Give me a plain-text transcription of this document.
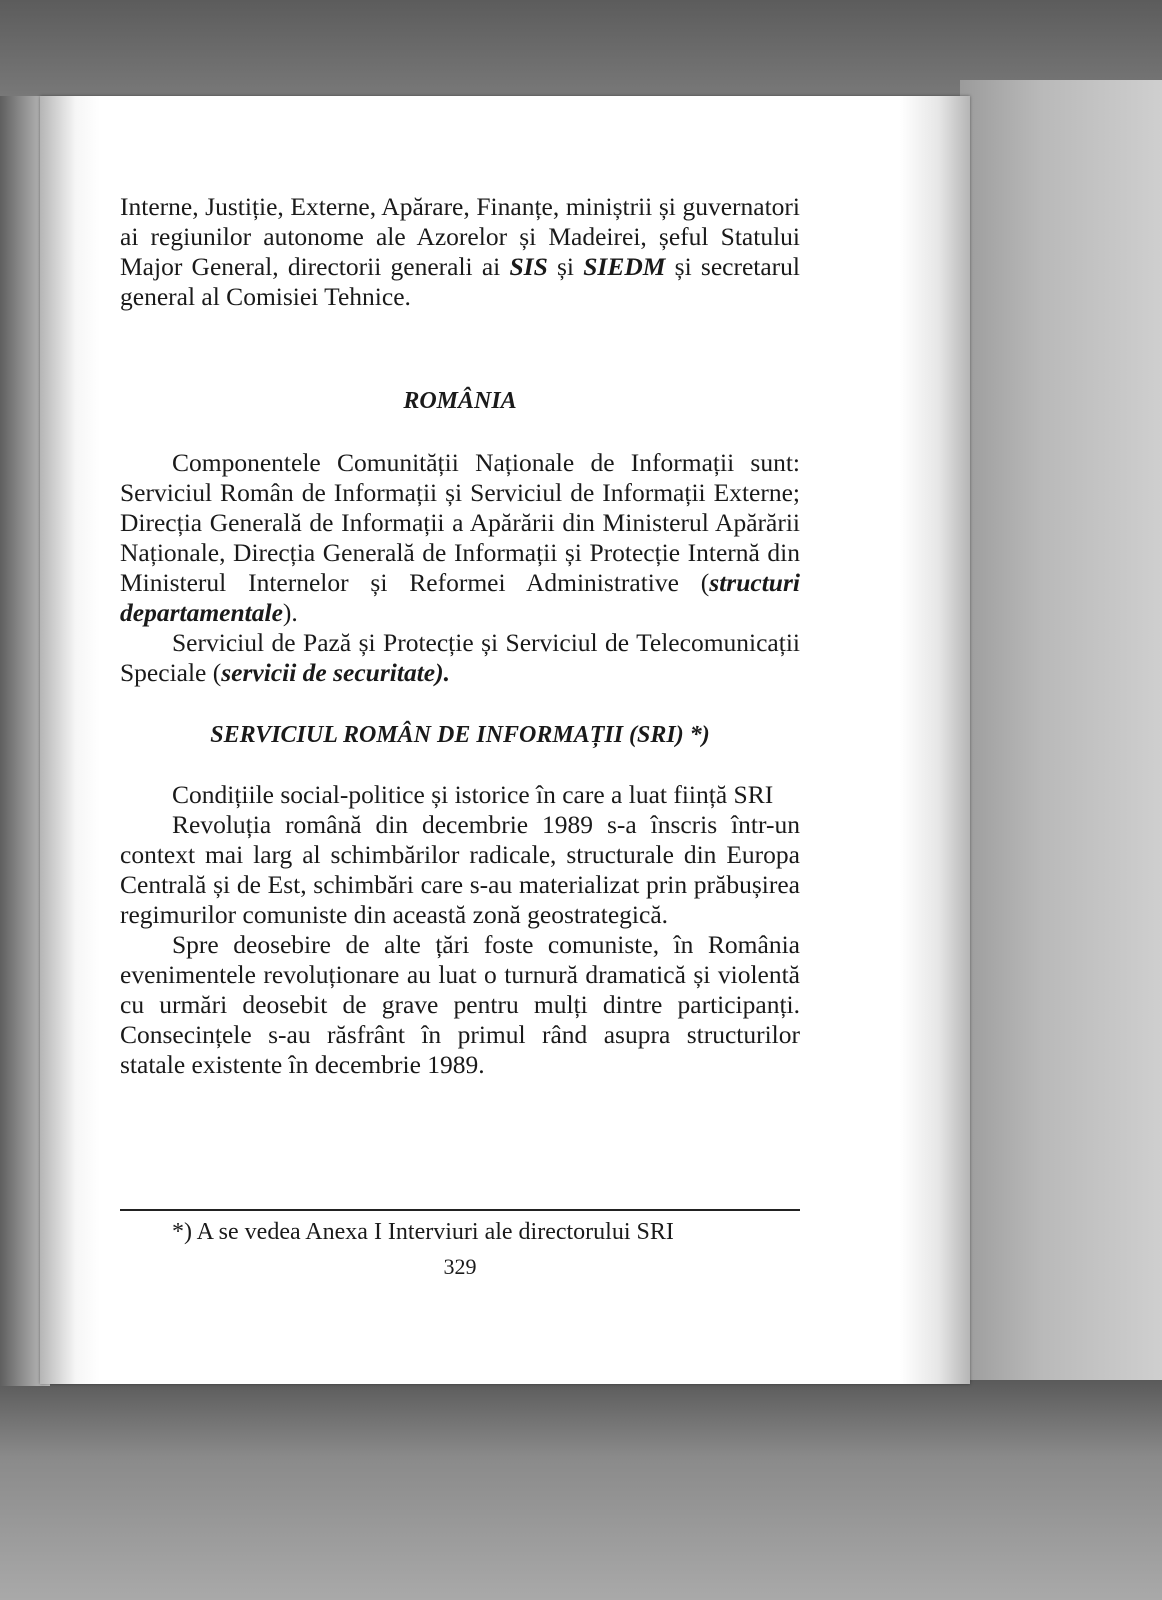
Interne, Justiție, Externe, Apărare, Finanțe, miniștrii și guvernatori ai regiunilor autonome ale Azorelor și Madeirei, șeful Statului Major General, directorii generali ai SIS și SIEDM și secretarul general al Comisiei Tehnice.

ROMÂNIA

Componentele Comunității Naționale de Informații sunt: Serviciul Român de Informații și Serviciul de Informații Externe; Direcția Generală de Informații a Apărării din Ministerul Apărării Naționale, Direcția Generală de Informații și Protecție Internă din Ministerul Internelor și Reformei Administrative (structuri departamentale).

Serviciul de Pază și Protecție și Serviciul de Telecomunicații Speciale (servicii de securitate).

SERVICIUL ROMÂN DE INFORMAȚII (SRI) *)

Condițiile social-politice și istorice în care a luat ființă SRI

Revoluția română din decembrie 1989 s-a înscris într-un context mai larg al schimbărilor radicale, structurale din Europa Centrală și de Est, schimbări care s-au materializat prin prăbușirea regimurilor comuniste din această zonă geostrategică.

Spre deosebire de alte țări foste comuniste, în România evenimentele revoluționare au luat o turnură dramatică și violentă cu urmări deosebit de grave pentru mulți dintre participanți. Consecințele s-au răsfrânt în primul rând asupra structurilor statale existente în decembrie 1989.

*) A se vedea Anexa I Interviuri ale directorului SRI
329
